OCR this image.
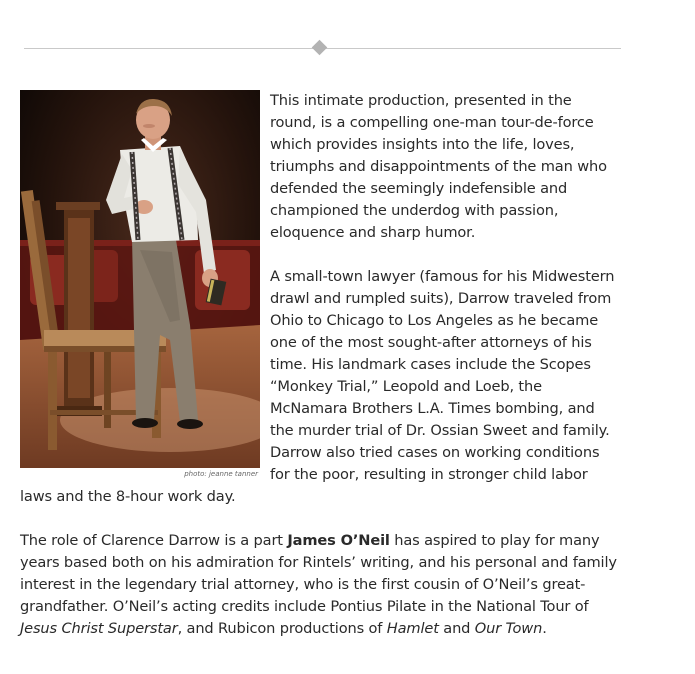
photo: jeanne tanner

This intimate production, presented in the round, is a compelling one-man tour-de-force which provides insights into the life, loves, triumphs and disappointments of the man who defended the seemingly indefensible and championed the underdog with passion, eloquence and sharp humor.

A small-town lawyer (famous for his Midwestern drawl and rumpled suits), Darrow traveled from Ohio to Chicago to Los Angeles as he became one of the most sought-after attorneys of his time. His landmark cases include the Scopes “Monkey Trial,” Leopold and Loeb, the McNamara Brothers L.A. Times bombing, and the murder trial of Dr. Ossian Sweet and family. Darrow also tried cases on working conditions for the poor, resulting in stronger child labor laws and the 8-hour work day.

The role of Clarence Darrow is a part James O’Neil has aspired to play for many years based both on his admiration for Rintels’ writing, and his personal and family interest in the legendary trial attorney, who is the first cousin of O’Neil’s great-grandfather. O’Neil’s acting credits include Pontius Pilate in the National Tour of Jesus Christ Superstar, and Rubicon productions of Hamlet and Our Town.
